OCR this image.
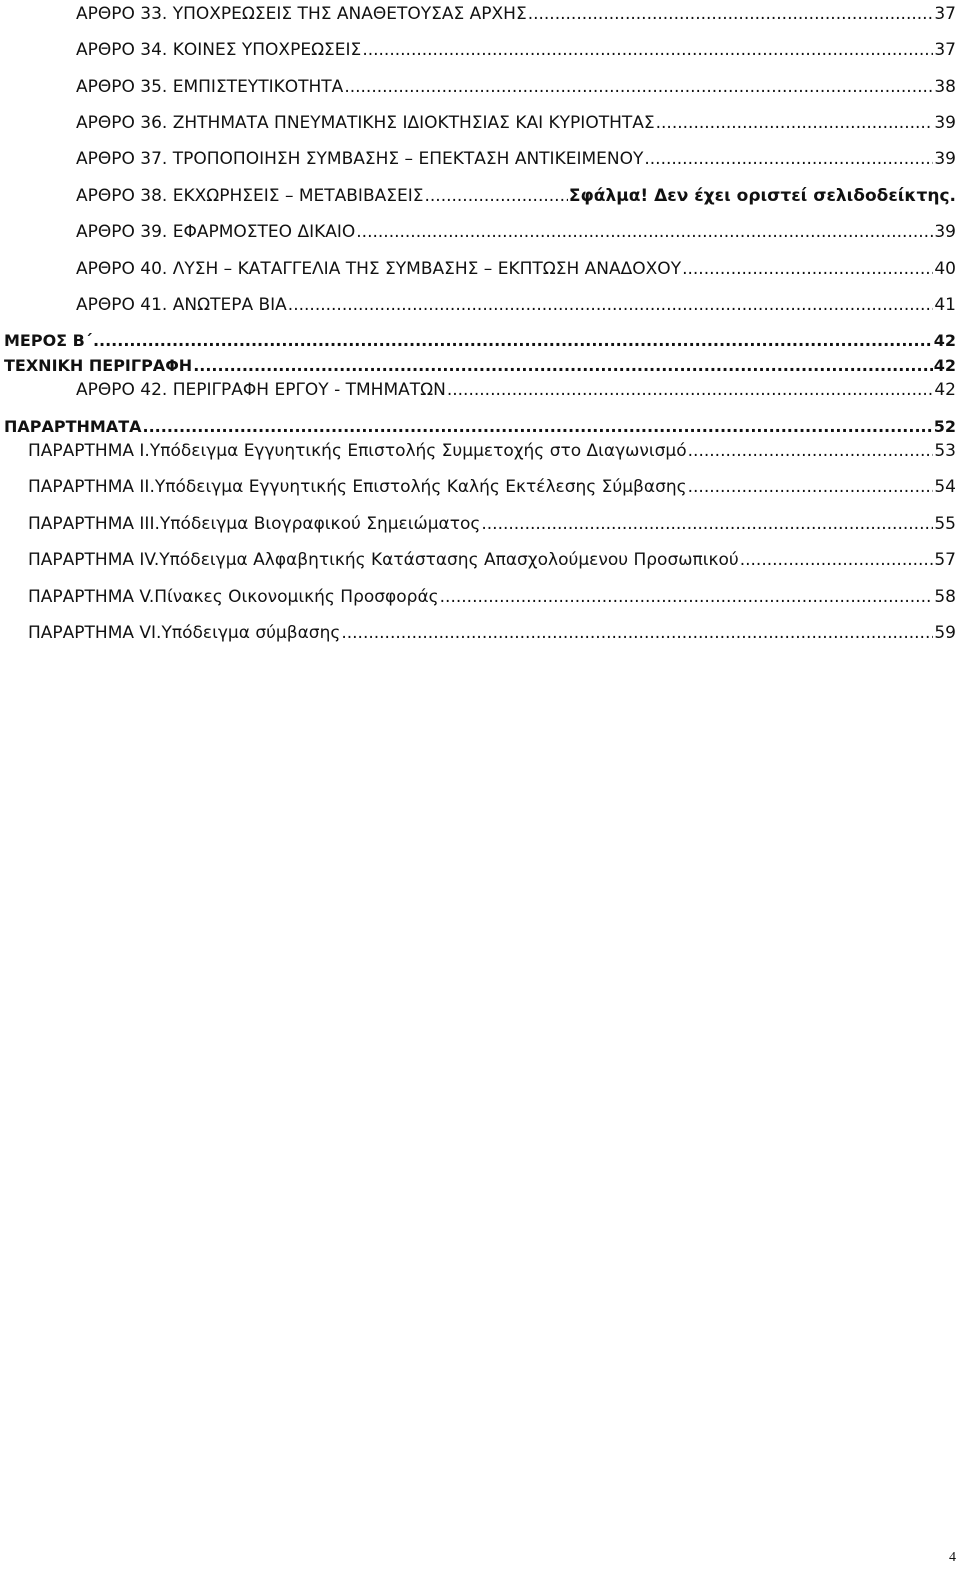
ΑΡΘΡΟ 33. ΥΠΟΧΡΕΩΣΕΙΣ ΤΗΣ ΑΝΑΘΕΤΟΥΣΑΣ ΑΡΧΗΣ .....	37
ΑΡΘΡΟ 34. ΚΟΙΝΕΣ ΥΠΟΧΡΕΩΣΕΙΣ .....	37
ΑΡΘΡΟ 35. ΕΜΠΙΣΤΕΥΤΙΚΟΤΗΤΑ .....	38
ΑΡΘΡΟ 36. ΖΗΤΗΜΑΤΑ ΠΝΕΥΜΑΤΙΚΗΣ ΙΔΙΟΚΤΗΣΙΑΣ ΚΑΙ ΚΥΡΙΟΤΗΤΑΣ .....	39
ΑΡΘΡΟ 37. ΤΡΟΠΟΠΟΙΗΣΗ ΣΥΜΒΑΣΗΣ – ΕΠΕΚΤΑΣΗ ΑΝΤΙΚΕΙΜΕΝΟΥ .....	39
ΑΡΘΡΟ 38. ΕΚΧΩΡΗΣΕΙΣ – ΜΕΤΑΒΙΒΑΣΕΙΣ .....	Σφάλμα! Δεν έχει οριστεί σελιδοδείκτης.
ΑΡΘΡΟ 39. ΕΦΑΡΜΟΣΤΕΟ ΔΙΚΑΙΟ .....	39
ΑΡΘΡΟ 40. ΛΥΣΗ – ΚΑΤΑΓΓΕΛΙΑ ΤΗΣ ΣΥΜΒΑΣΗΣ – ΕΚΠΤΩΣΗ ΑΝΑΔΟΧΟΥ .....	40
ΑΡΘΡΟ 41. ΑΝΩΤΕΡΑ ΒΙΑ .....	41
ΜΕΡΟΣ Β΄ .....	42
ΤΕΧΝΙΚΗ ΠΕΡΙΓΡΑΦΗ .....	42
ΑΡΘΡΟ 42. ΠΕΡΙΓΡΑΦΗ ΕΡΓΟΥ - ΤΜΗΜΑΤΩΝ .....	42
ΠΑΡΑΡΤΗΜΑΤΑ .....	52
ΠΑΡΑΡΤΗΜΑ I. Υπόδειγμα Εγγυητικής Επιστολής Συμμετοχής στο Διαγωνισμό .....	53
ΠΑΡΑΡΤΗΜΑ II. Υπόδειγμα Εγγυητικής Επιστολής Καλής Εκτέλεσης Σύμβασης .....	54
ΠΑΡΑΡΤΗΜΑ III. Υπόδειγμα Βιογραφικού Σημειώματος .....	55
ΠΑΡΑΡΤΗΜΑ IV. Υπόδειγμα Αλφαβητικής Κατάστασης Απασχολούμενου Προσωπικού .....	57
ΠΑΡΑΡΤΗΜΑ V. Πίνακες Οικονομικής Προσφοράς .....	58
ΠΑΡΑΡΤΗΜΑ VI. Υπόδειγμα σύμβασης .....	59
4
